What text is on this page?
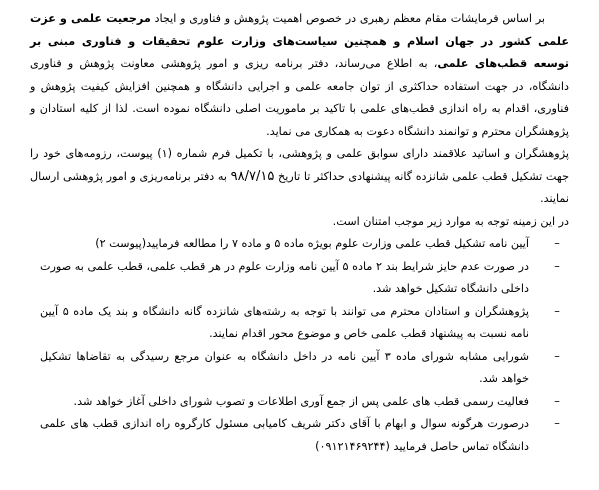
بر اساس فرمایشات مقام معظم رهبری در خصوص اهمیت پژوهش و فناوری و ایجاد مرجعیت علمی و عزت علمی کشور در جهان اسلام و همچنین سیاست‌های وزارت علوم تحقیقات و فناوری مبنی بر توسعه قطب‌های علمی، به اطلاع می‌رساند، دفتر برنامه ریزی و امور پژوهشی معاونت پژوهش و فناوری دانشگاه، در جهت استفاده حداکثری از توان جامعه علمی و اجرایی دانشگاه و همچنین افزایش کیفیت پژوهش و فناوری، اقدام به راه اندازی قطب‌های علمی با تاکید بر ماموریت اصلی دانشگاه نموده است. لذا از کلیه استادان و پژوهشگران محترم و توانمند دانشگاه دعوت به همکاری می نماید.

پژوهشگران و اساتید علاقمند دارای سوابق علمی و پژوهشی، با تکمیل فرم شماره (۱) پیوست، رزومه‌های خود را جهت تشکیل قطب علمی شانزده گانه پیشنهادی حداکثر تا تاریخ ۹۸/۷/۱۵ به دفتر برنامه‌ریزی و امور پژوهشی ارسال نمایند.

در این زمینه توجه به موارد زیر موجب امتنان است.

–
آیین نامه تشکیل قطب علمی وزارت علوم بویژه ماده ۵ و ماده ۷ را مطالعه فرمایید(پیوست ۲)
–
در صورت عدم حایز شرایط بند ۲ ماده ۵ آیین نامه وزارت علوم در هر قطب علمی، قطب علمی به صورت داخلی دانشگاه تشکیل خواهد شد.
–
پژوهشگران و استادان محترم می توانند با توجه به رشته‌های شانزده گانه دانشگاه و بند یک ماده ۵ آیین نامه نسبت به پیشنهاد قطب علمی خاص و موضوع محور اقدام نمایند.
–
شورایی مشابه شورای ماده ۳ آیین نامه در داخل دانشگاه به عنوان مرجع رسیدگی به تقاضاها تشکیل خواهد شد.
–
فعالیت رسمی قطب های علمی پس از جمع آوری اطلاعات و تصوب شورای داخلی آغاز خواهد شد.
–
درصورت هرگونه سوال و ابهام با آقای دکتر شریف کامیابی مسئول کارگروه راه اندازی قطب های علمی دانشگاه تماس حاصل فرمایید (۰۹۱۲۱۴۶۹۲۴۴)
